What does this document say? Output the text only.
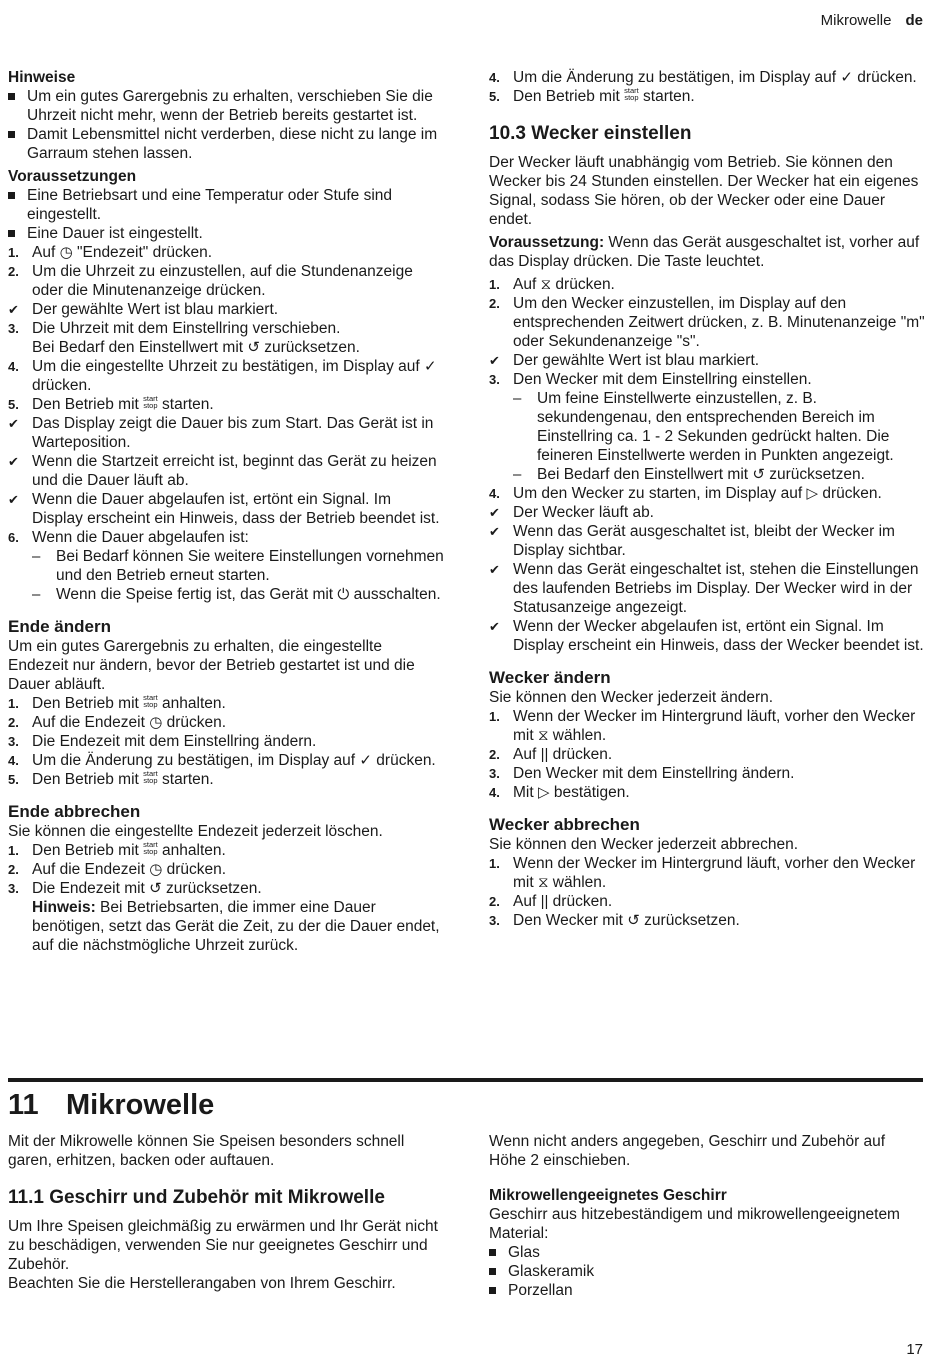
Mikrowelle de
Hinweise
Um ein gutes Garergebnis zu erhalten, verschieben Sie die Uhrzeit nicht mehr, wenn der Betrieb bereits gestartet ist.
Damit Lebensmittel nicht verderben, diese nicht zu lange im Garraum stehen lassen.
Voraussetzungen
Eine Betriebsart und eine Temperatur oder Stufe sind eingestellt.
Eine Dauer ist eingestellt.
1. Auf ◷ "Endezeit" drücken.
2. Um die Uhrzeit zu einzustellen, auf die Stundenanzeige oder die Minutenanzeige drücken.
✔ Der gewählte Wert ist blau markiert.
3. Die Uhrzeit mit dem Einstellring verschieben.
Bei Bedarf den Einstellwert mit ↺ zurücksetzen.
4. Um die eingestellte Uhrzeit zu bestätigen, im Display auf ✓ drücken.
5. Den Betrieb mit start
stop starten.
✔ Das Display zeigt die Dauer bis zum Start. Das Gerät ist in Warteposition.
✔ Wenn die Startzeit erreicht ist, beginnt das Gerät zu heizen und die Dauer läuft ab.
✔ Wenn die Dauer abgelaufen ist, ertönt ein Signal. Im Display erscheint ein Hinweis, dass der Betrieb beendet ist.
6. Wenn die Dauer abgelaufen ist:
–	Bei Bedarf können Sie weitere Einstellungen vornehmen und den Betrieb erneut starten.
–	Wenn die Speise fertig ist, das Gerät mit ⏻ ausschalten.
Ende ändern

Um ein gutes Garergebnis zu erhalten, die eingestellte Endezeit nur ändern, bevor der Betrieb gestartet ist und die Dauer abläuft.

1. Den Betrieb mit start
stop anhalten.
2. Auf die Endezeit ◷ drücken.
3. Die Endezeit mit dem Einstellring ändern.
4. Um die Änderung zu bestätigen, im Display auf ✓ drücken.
5. Den Betrieb mit start
stop starten.
Ende abbrechen

Sie können die eingestellte Endezeit jederzeit löschen.

1. Den Betrieb mit start
stop anhalten.
2. Auf die Endezeit ◷ drücken.
3. Die Endezeit mit ↺ zurücksetzen.
Hinweis: Bei Betriebsarten, die immer eine Dauer benötigen, setzt das Gerät die Zeit, zu der die Dauer endet, auf die nächstmögliche Uhrzeit zurück.
4. Um die Änderung zu bestätigen, im Display auf ✓ drücken.
5. Den Betrieb mit start
stop starten.
10.3 Wecker einstellen

Der Wecker läuft unabhängig vom Betrieb. Sie können den Wecker bis 24 Stunden einstellen. Der Wecker hat ein eigenes Signal, sodass Sie hören, ob der Wecker oder eine Dauer endet.

Voraussetzung: Wenn das Gerät ausgeschaltet ist, vorher auf das Display drücken. Die Taste leuchtet.

1. Auf ⧖ drücken.
2. Um den Wecker einzustellen, im Display auf den entsprechenden Zeitwert drücken, z. B. Minutenanzeige "m" oder Sekundenanzeige "s".
✔ Der gewählte Wert ist blau markiert.
3. Den Wecker mit dem Einstellring einstellen.
–	Um feine Einstellwerte einzustellen, z. B. sekundengenau, den entsprechenden Bereich im Einstellring ca. 1 - 2 Sekunden gedrückt halten. Die feineren Einstellwerte werden in Punkten angezeigt.
–	Bei Bedarf den Einstellwert mit ↺ zurücksetzen.
4. Um den Wecker zu starten, im Display auf ▷ drücken.
✔ Der Wecker läuft ab.
✔ Wenn das Gerät ausgeschaltet ist, bleibt der Wecker im Display sichtbar.
✔ Wenn das Gerät eingeschaltet ist, stehen die Einstellungen des laufenden Betriebs im Display. Der Wecker wird in der Statusanzeige angezeigt.
✔ Wenn der Wecker abgelaufen ist, ertönt ein Signal. Im Display erscheint ein Hinweis, dass der Wecker beendet ist.
Wecker ändern

Sie können den Wecker jederzeit ändern.

1. Wenn der Wecker im Hintergrund läuft, vorher den Wecker mit ⧖ wählen.
2. Auf || drücken.
3. Den Wecker mit dem Einstellring ändern.
4. Mit ▷ bestätigen.
Wecker abbrechen

Sie können den Wecker jederzeit abbrechen.

1. Wenn der Wecker im Hintergrund läuft, vorher den Wecker mit ⧖ wählen.
2. Auf || drücken.
3. Den Wecker mit ↺ zurücksetzen.
11 Mikrowelle

Mit der Mikrowelle können Sie Speisen besonders schnell garen, erhitzen, backen oder auftauen.

11.1 Geschirr und Zubehör mit Mikrowelle

Um Ihre Speisen gleichmäßig zu erwärmen und Ihr Gerät nicht zu beschädigen, verwenden Sie nur geeignetes Geschirr und Zubehör.

Beachten Sie die Herstellerangaben von Ihrem Geschirr.

Wenn nicht anders angegeben, Geschirr und Zubehör auf Höhe 2 einschieben.

Mikrowellengeeignetes Geschirr

Geschirr aus hitzebeständigem und mikrowellengeeignetem Material:

Glas
Glaskeramik
Porzellan
17
